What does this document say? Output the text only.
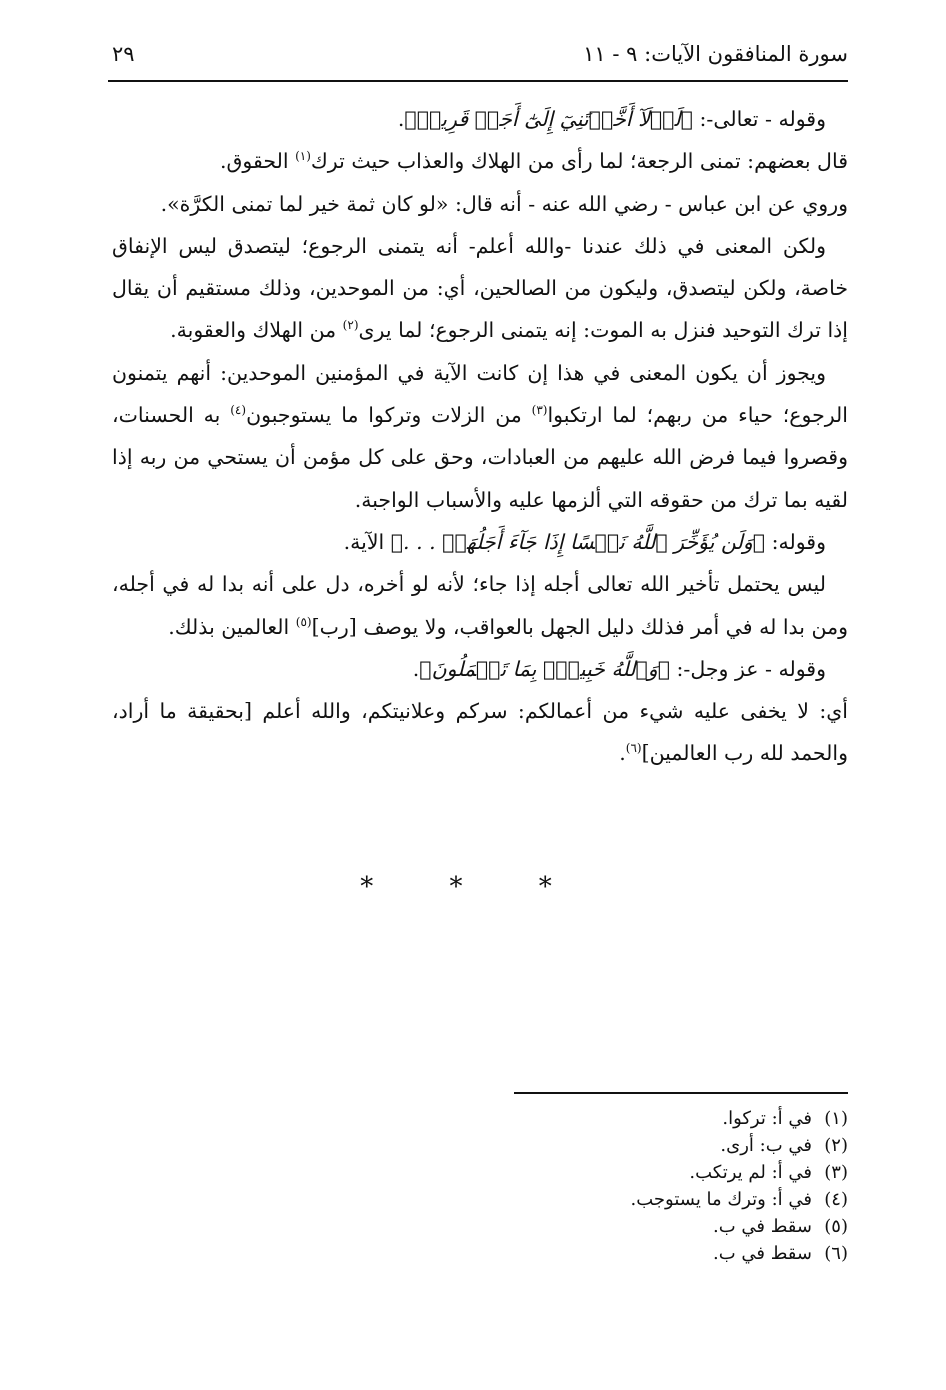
سورة المنافقون الآيات: ٩ - ١١
٢٩

وقوله - تعالى-: ﴿لَوۡلَآ أَخَّرۡتَنِيٓ إِلَىٰٓ أَجَلٖ قَرِيبٖ﴾.

قال بعضهم: تمنى الرجعة؛ لما رأى من الهلاك والعذاب حيث ترك$^{(١)}$ الحقوق.

وروي عن ابن عباس - رضي الله عنه - أنه قال: «لو كان ثمة خير لما تمنى الكرَّة».

ولكن المعنى في ذلك عندنا -والله أعلم- أنه يتمنى الرجوع؛ ليتصدق ليس الإنفاق خاصة، ولكن ليتصدق، وليكون من الصالحين، أي: من الموحدين، وذلك مستقيم أن يقال إذا ترك التوحيد فنزل به الموت: إنه يتمنى الرجوع؛ لما يرى$^{(٢)}$ من الهلاك والعقوبة.

ويجوز أن يكون المعنى في هذا إن كانت الآية في المؤمنين الموحدين: أنهم يتمنون الرجوع؛ حياء من ربهم؛ لما ارتكبوا$^{(٣)}$ من الزلات وتركوا ما يستوجبون$^{(٤)}$ به الحسنات، وقصروا فيما فرض الله عليهم من العبادات، وحق على كل مؤمن أن يستحي من ربه إذا لقيه بما ترك من حقوقه التي ألزمها عليه والأسباب الواجبة.

وقوله: ﴿وَلَن يُؤَخِّرَ ٱللَّهُ نَفۡسًا إِذَا جَآءَ أَجَلُهَاۚ . . .﴾ الآية.

ليس يحتمل تأخير الله تعالى أجله إذا جاء؛ لأنه لو أخره، دل على أنه بدا له في أجله، ومن بدا له في أمر فذلك دليل الجهل بالعواقب، ولا يوصف [رب]$^{(٥)}$ العالمين بذلك.

وقوله - عز وجل-: ﴿وَٱللَّهُ خَبِيرُۢ بِمَا تَعۡمَلُونَ﴾.

أي: لا يخفى عليه شيء من أعمالكم: سركم وعلانيتكم، والله أعلم [بحقيقة ما أراد، والحمد لله رب العالمين]$^{(٦)}$.

* * *
(١)في أ: تركوا.
(٢)في ب: أرى.
(٣)في أ: لم يرتكب.
(٤)في أ: وترك ما يستوجب.
(٥)سقط في ب.
(٦)سقط في ب.
